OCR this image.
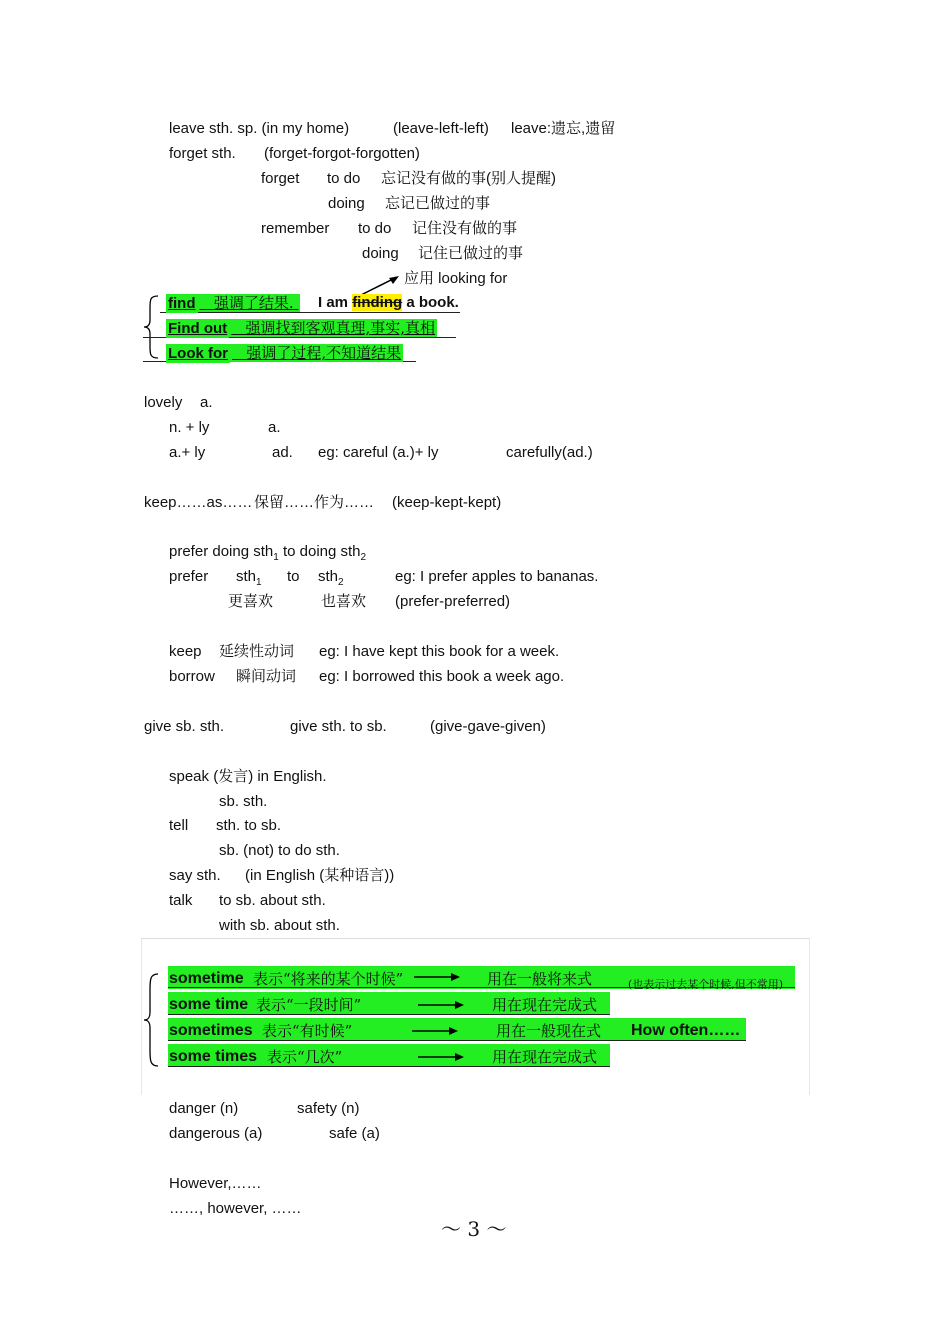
leave sth. sp. (in my home)	(leave-left-left) leave:遗忘,遗留
forget sth. (forget-forgot-forgotten)
forget to do 忘记没有做的事(别人提醒)
doing 忘记已做过的事
remember to do 记住没有做的事
doing 记住已做过的事
应用 looking for
find 强调了结果.	I am finding a book.
Find out 强调找到客观真理,事实,真相
Look for 强调了过程,不知道结果
lovely a.
n. + ly	a.
a.+ ly	ad. eg: careful (a.)+ ly	carefully(ad.)
keep……as…… 保留……作为…… (keep-kept-kept)
prefer doing sth$_1$ to doing sth$_2$
prefer sth$_1$ to sth$_2$	eg: I prefer apples to bananas.
更喜欢	也喜欢 (prefer-preferred)
keep 延续性动词 eg: I have kept this book for a week.
borrow 瞬间动词 eg: I borrowed this book a week ago.
give sb. sth.	give sth. to sb.	(give-gave-given)
speak (发言) in English.
sb. sth.
tell sth. to sb.
sb. (not) to do sth.
say sth. (in English (某种语言))
talk to sb. about sth.
with sb. about sth.
sometime 表示“将来的某个时候”	用在一般将来式	(也表示过去某个时候,但不常用)
some time 表示“一段时间”	用在现在完成式
sometimes 表示“有时候”	用在一般现在式 How often……
some times 表示“几次”	用在现在完成式
danger (n)	safety (n)
dangerous (a)	safe (a)
However,……
……, however, ……
～ 3 ～
